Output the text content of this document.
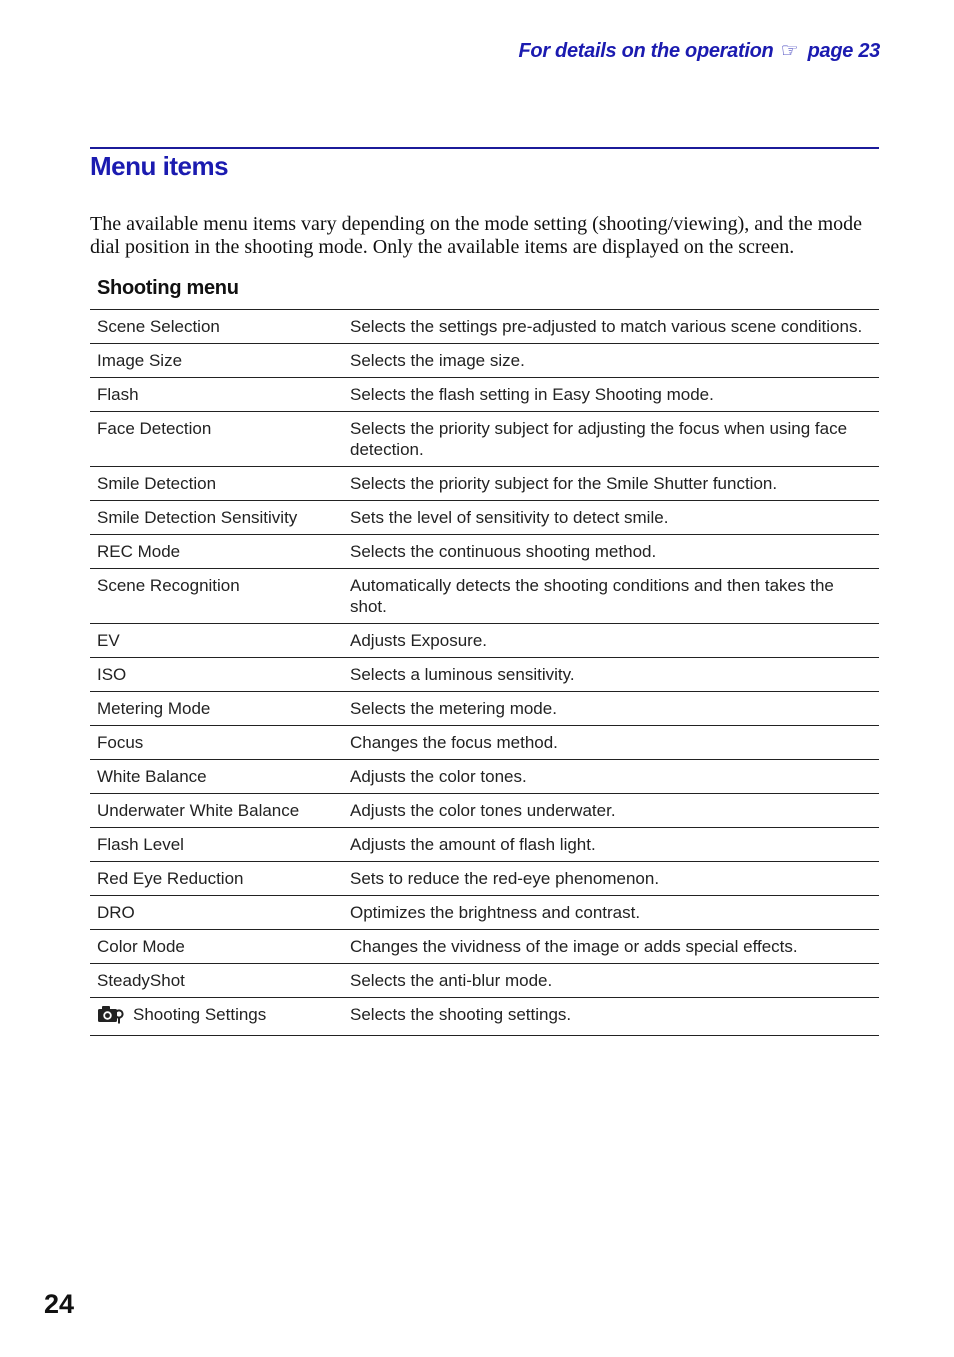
For details on the operation ☞ page 23
Menu items

The available menu items vary depending on the mode setting (shooting/viewing), and the mode dial position in the shooting mode. Only the available items are displayed on the screen.

Shooting menu
Scene Selection	Selects the settings pre-adjusted to match various scene conditions.
Image Size	Selects the image size.
Flash	Selects the flash setting in Easy Shooting mode.
Face Detection	Selects the priority subject for adjusting the focus when using face detection.
Smile Detection	Selects the priority subject for the Smile Shutter function.
Smile Detection Sensitivity	Sets the level of sensitivity to detect smile.
REC Mode	Selects the continuous shooting method.
Scene Recognition	Automatically detects the shooting conditions and then takes the shot.
EV	Adjusts Exposure.
ISO	Selects a luminous sensitivity.
Metering Mode	Selects the metering mode.
Focus	Changes the focus method.
White Balance	Adjusts the color tones.
Underwater White Balance	Adjusts the color tones underwater.
Flash Level	Adjusts the amount of flash light.
Red Eye Reduction	Sets to reduce the red-eye phenomenon.
DRO	Optimizes the brightness and contrast.
Color Mode	Changes the vividness of the image or adds special effects.
SteadyShot	Selects the anti-blur mode.
Shooting Settings	Selects the shooting settings.
24
